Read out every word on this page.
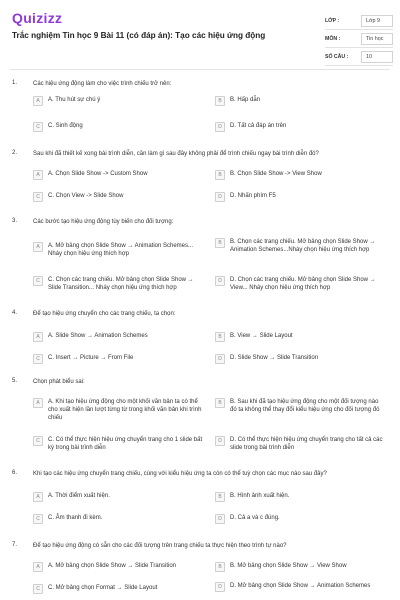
Quizizz
Trắc nghiệm Tin học 9 Bài 11 (có đáp án): Tạo các hiệu ứng động
LỚP :	Lớp 9
MÔN :	Tin học
SỐ CÂU :	10
1.	Các hiệu ứng động làm cho việc trình chiếu trở nên:
A	A. Thu hút sự chú ý	B	B. Hấp dẫn
C	C. Sinh động	D	D. Tất cả đáp án trên
2.	Sau khi đã thiết kế xong bài trình diễn, cần làm gì sau đây không phải để trình chiếu ngay bài trình diễn đó?
A	A. Chọn Slide Show -> Custom Show	B	B. Chọn Slide Show -> View Show
C	C. Chọn View -> Slide Show	D	D. Nhấn phím F5
3.	Các bước tạo hiệu ứng động tùy biến cho đối tượng:
A	A. Mở bảng chọn Slide Show → Animation Schemes... Nháy chọn hiệu ứng thích hợp
B	B. Chọn các trang chiếu. Mở bảng chọn Slide Show → Animation Schemes...Nháy chọn hiệu ứng thích hợp
C	C. Chọn các trang chiếu. Mở bảng chọn Slide Show → Slide Transition... Nháy chọn hiệu ứng thích hợp
D	D. Chọn các trang chiếu. Mở bảng chọn Slide Show → View... Nháy chọn hiệu ứng thích hợp
4.	Để tạo hiệu ứng chuyển cho các trang chiếu, ta chọn:
A	A. Slide Show → Animation Schemes	B	B. View → Slide Layout
C	C. Insert → Picture → From File	D	D. Slide Show → Slide Transition
5.	Chọn phát biểu sai:
A	A. Khi tạo hiệu ứng động cho một khối văn bản ta có thể cho xuất hiện lần lượt từng từ trong khối văn bản khi trình chiếu
B	B. Sau khi đã tạo hiệu ứng động cho một đối tượng nào đó ta không thể thay đổi kiểu hiệu ứng cho đối tượng đó
C	C. Có thể thực hiện hiệu ứng chuyển trang cho 1 slide bất kỳ trong bài trình diễn
D	D. Có thể thực hiện hiệu ứng chuyển trang cho tất cả các slide trong bài trình diễn
6.	Khi tạo các hiệu ứng chuyển trang chiếu, cùng với kiểu hiệu ứng ta còn có thể tuỳ chọn các mục nào sau đây?
A	A. Thời điểm xuất hiện.	B	B. Hình ảnh xuất hiện.
C	C. Âm thanh đi kèm.	D	D. Cả a và c đúng.
7.	Để tạo hiệu ứng động có sẵn cho các đối tượng trên trang chiếu ta thực hiện theo trình tự nào?
A	A. Mở bảng chọn Slide Show → Slide Transition	B	B. Mở bảng chọn Slide Show → View Show
C	C. Mở bảng chọn Format → Slide Layout	D	D. Mở bảng chọn Slide Show → Animation Schemes
